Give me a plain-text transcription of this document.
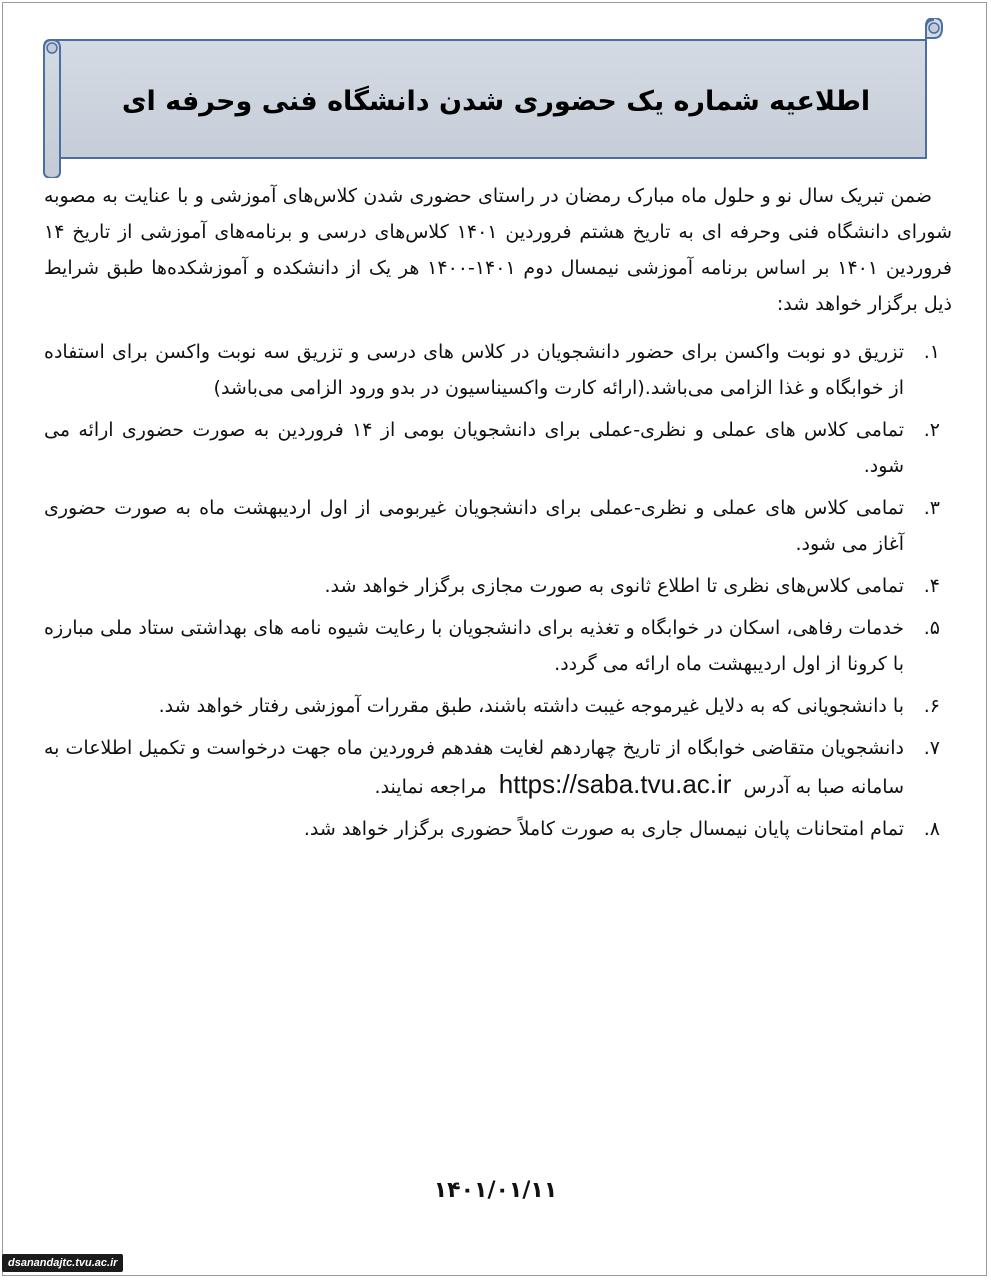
اطلاعیه شماره یک حضوری شدن دانشگاه فنی وحرفه ای

ضمن تبریک سال نو و حلول ماه مبارک رمضان در راستای حضوری شدن کلاس‌های آموزشی و با عنایت به مصوبه شورای دانشگاه فنی وحرفه ای به تاریخ هشتم فروردین ۱۴۰۱ کلاس‌های درسی و برنامه‌های آموزشی از تاریخ ۱۴ فروردین ۱۴۰۱ بر اساس برنامه آموزشی نیمسال دوم ۱۴۰۱-۱۴۰۰ هر یک از دانشکده و آموزشکده‌ها طبق شرایط ذیل برگزار خواهد شد:

۱.
تزریق دو نوبت واکسن برای حضور دانشجویان در کلاس های درسی و تزریق سه نوبت واکسن برای استفاده از خوابگاه و غذا الزامی می‌باشد.(ارائه کارت واکسیناسیون در بدو ورود الزامی می‌باشد)
۲.
تمامی کلاس های عملی و نظری-عملی برای دانشجویان بومی از ۱۴ فروردین به صورت حضوری ارائه می شود.
۳.
تمامی کلاس های عملی و نظری-عملی برای دانشجویان غیربومی از اول اردیبهشت ماه به صورت حضوری آغاز می شود.
۴.
تمامی کلاس‌های نظری تا اطلاع ثانوی به صورت مجازی برگزار خواهد شد.
۵.
خدمات رفاهی، اسکان در خوابگاه و تغذیه برای دانشجویان با رعایت شیوه نامه های بهداشتی ستاد ملی مبارزه با کرونا از اول اردیبهشت ماه ارائه می گردد.
۶.
با دانشجویانی که به دلایل غیرموجه غیبت داشته باشند، طبق مقررات آموزشی رفتار خواهد شد.
۷.
دانشجویان متقاضی خوابگاه از تاریخ چهاردهم لغایت هفدهم فروردین ماه جهت درخواست و تکمیل اطلاعات به سامانه صبا به آدرس https://saba.tvu.ac.ir مراجعه نمایند.
۸.
تمام امتحانات پایان نیمسال جاری به صورت کاملاً حضوری برگزار خواهد شد.
۱۴۰۱/۰۱/۱۱
dsanandajtc.tvu.ac.ir
